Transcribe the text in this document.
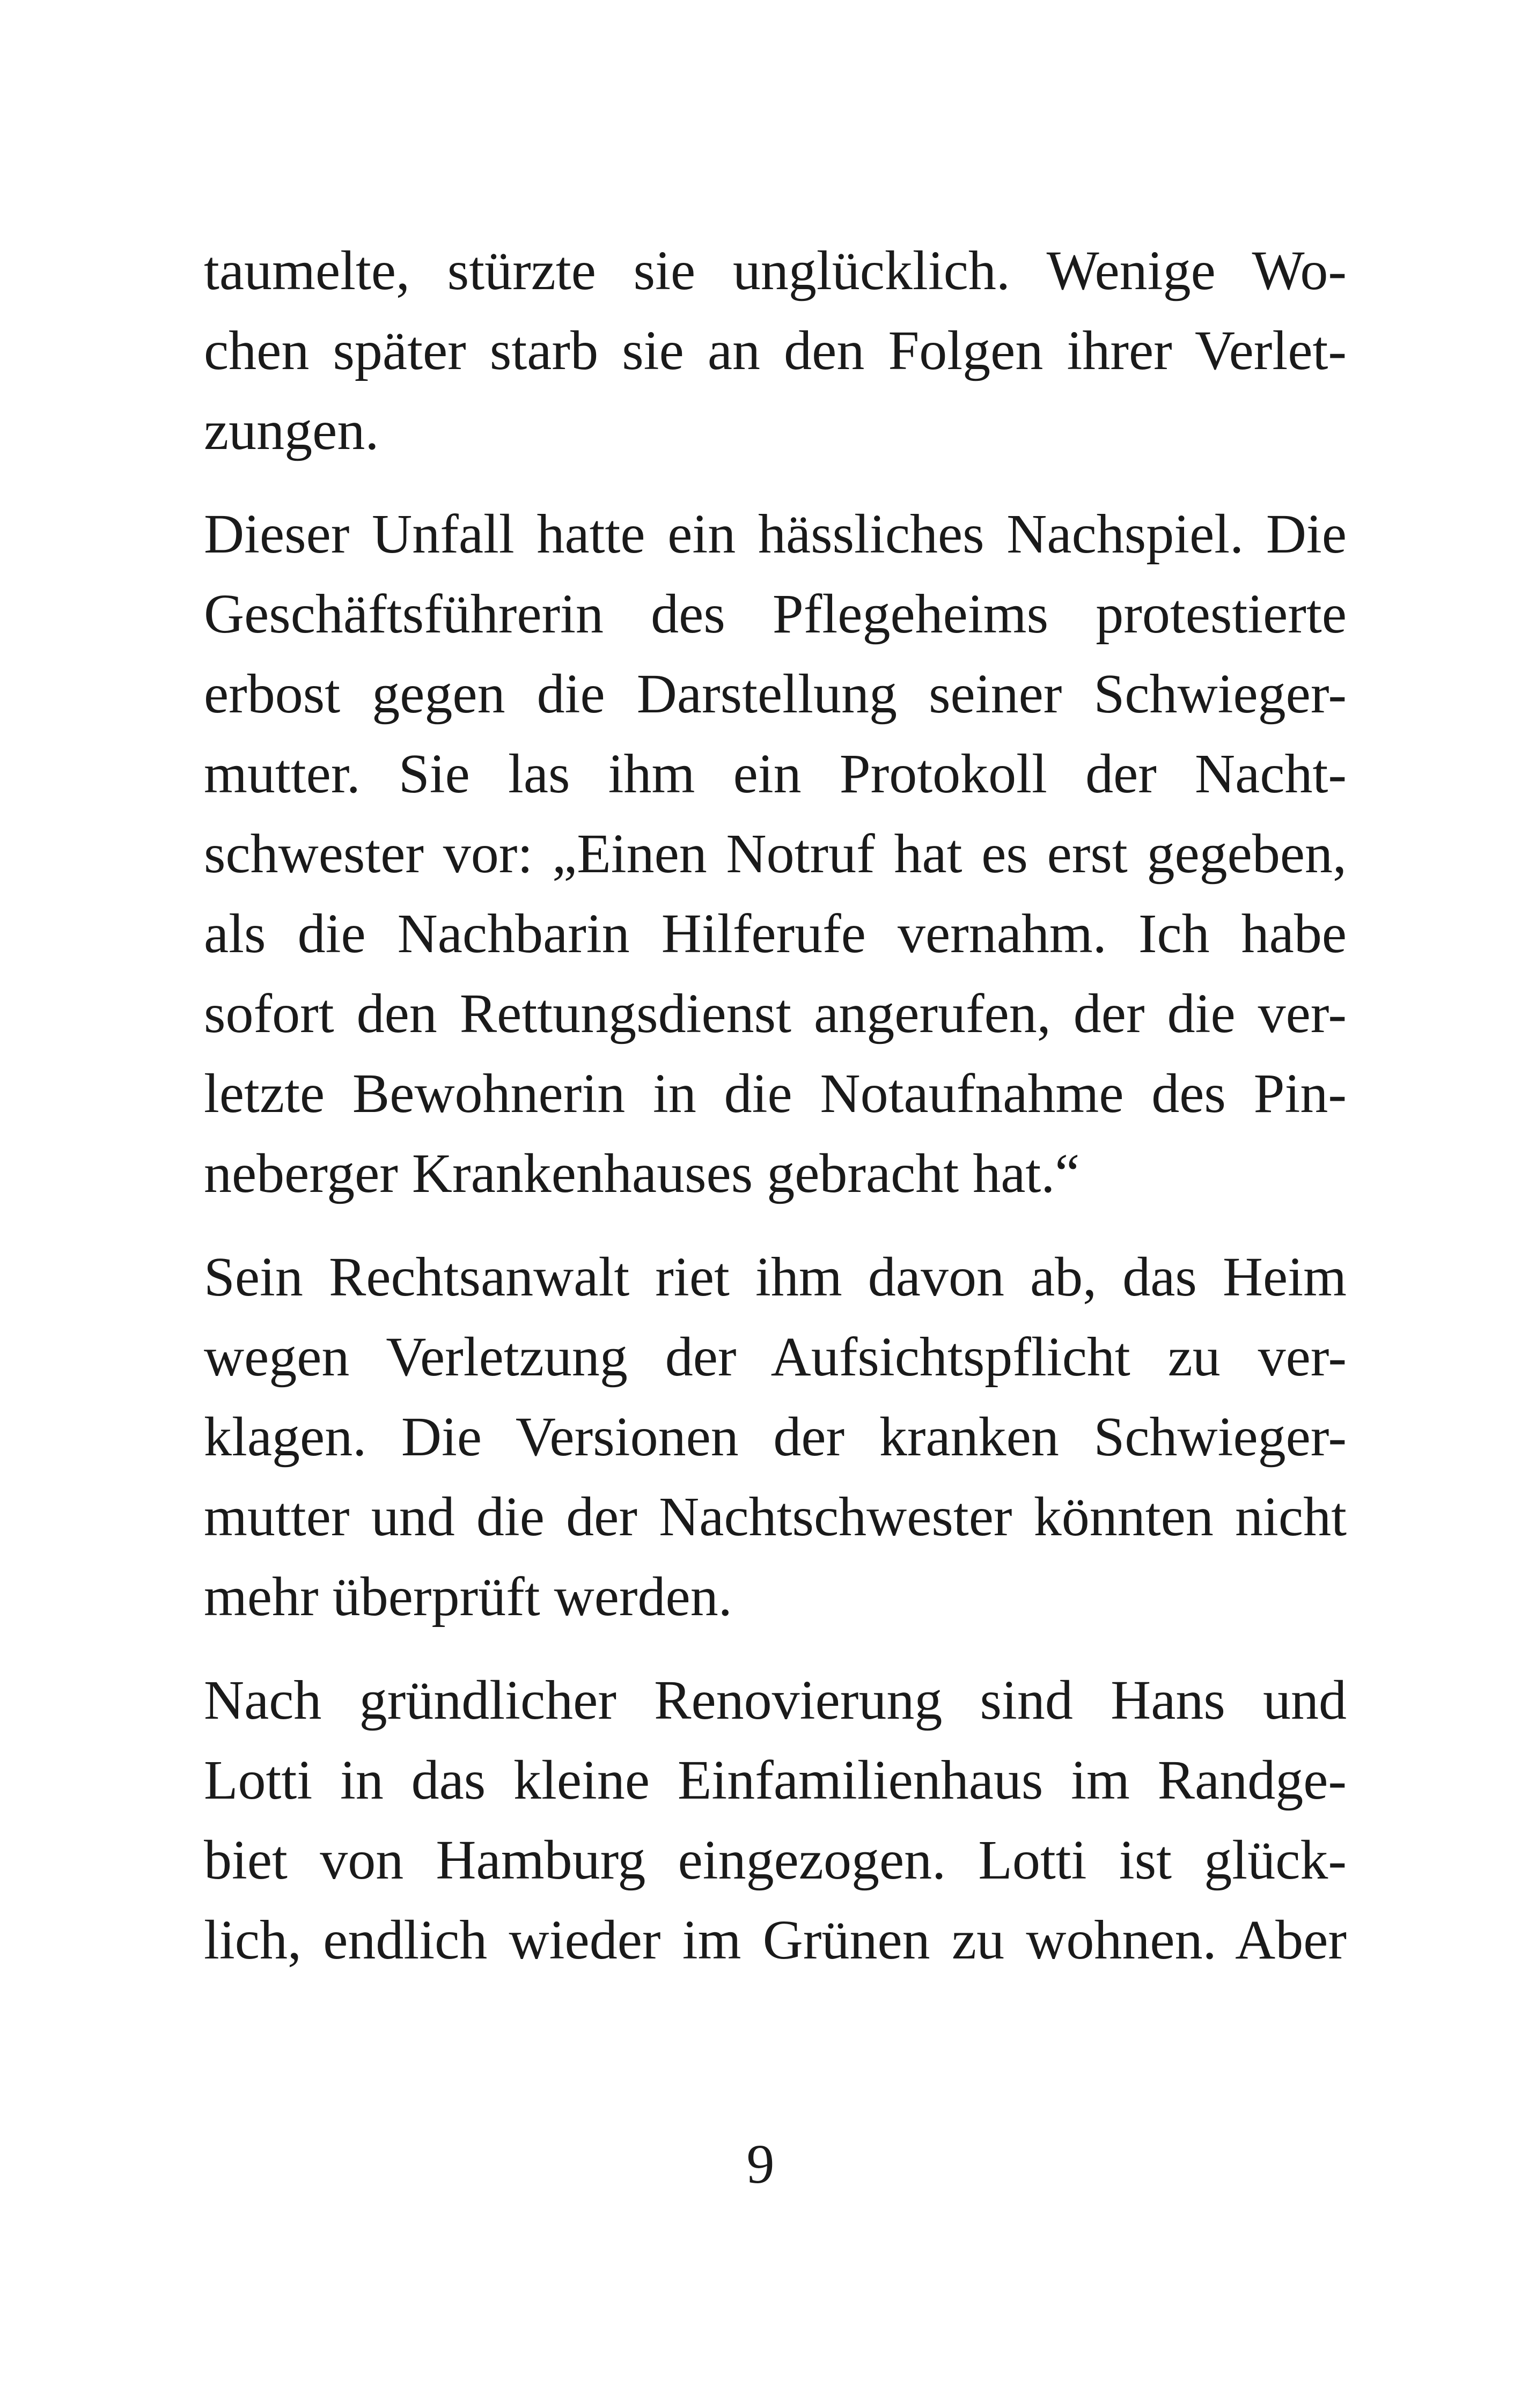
taumelte, stürzte sie unglücklich. Wenige Wo-
chen später starb sie an den Folgen ihrer Verlet-
zungen.

Dieser Unfall hatte ein hässliches Nachspiel. Die
Geschäftsführerin des Pflegeheims protestierte
erbost gegen die Darstellung seiner Schwieger-
mutter. Sie las ihm ein Protokoll der Nacht-
schwester vor: „Einen Notruf hat es erst gegeben,
als die Nachbarin Hilferufe vernahm. Ich habe
sofort den Rettungsdienst angerufen, der die ver-
letzte Bewohnerin in die Notaufnahme des Pin-
neberger Krankenhauses gebracht hat.“

Sein Rechtsanwalt riet ihm davon ab, das Heim
wegen Verletzung der Aufsichtspflicht zu ver-
klagen. Die Versionen der kranken Schwieger-
mutter und die der Nachtschwester könnten nicht
mehr überprüft werden.

Nach gründlicher Renovierung sind Hans und
Lotti in das kleine Einfamilienhaus im Randge-
biet von Hamburg eingezogen. Lotti ist glück-
lich, endlich wieder im Grünen zu wohnen. Aber

9
